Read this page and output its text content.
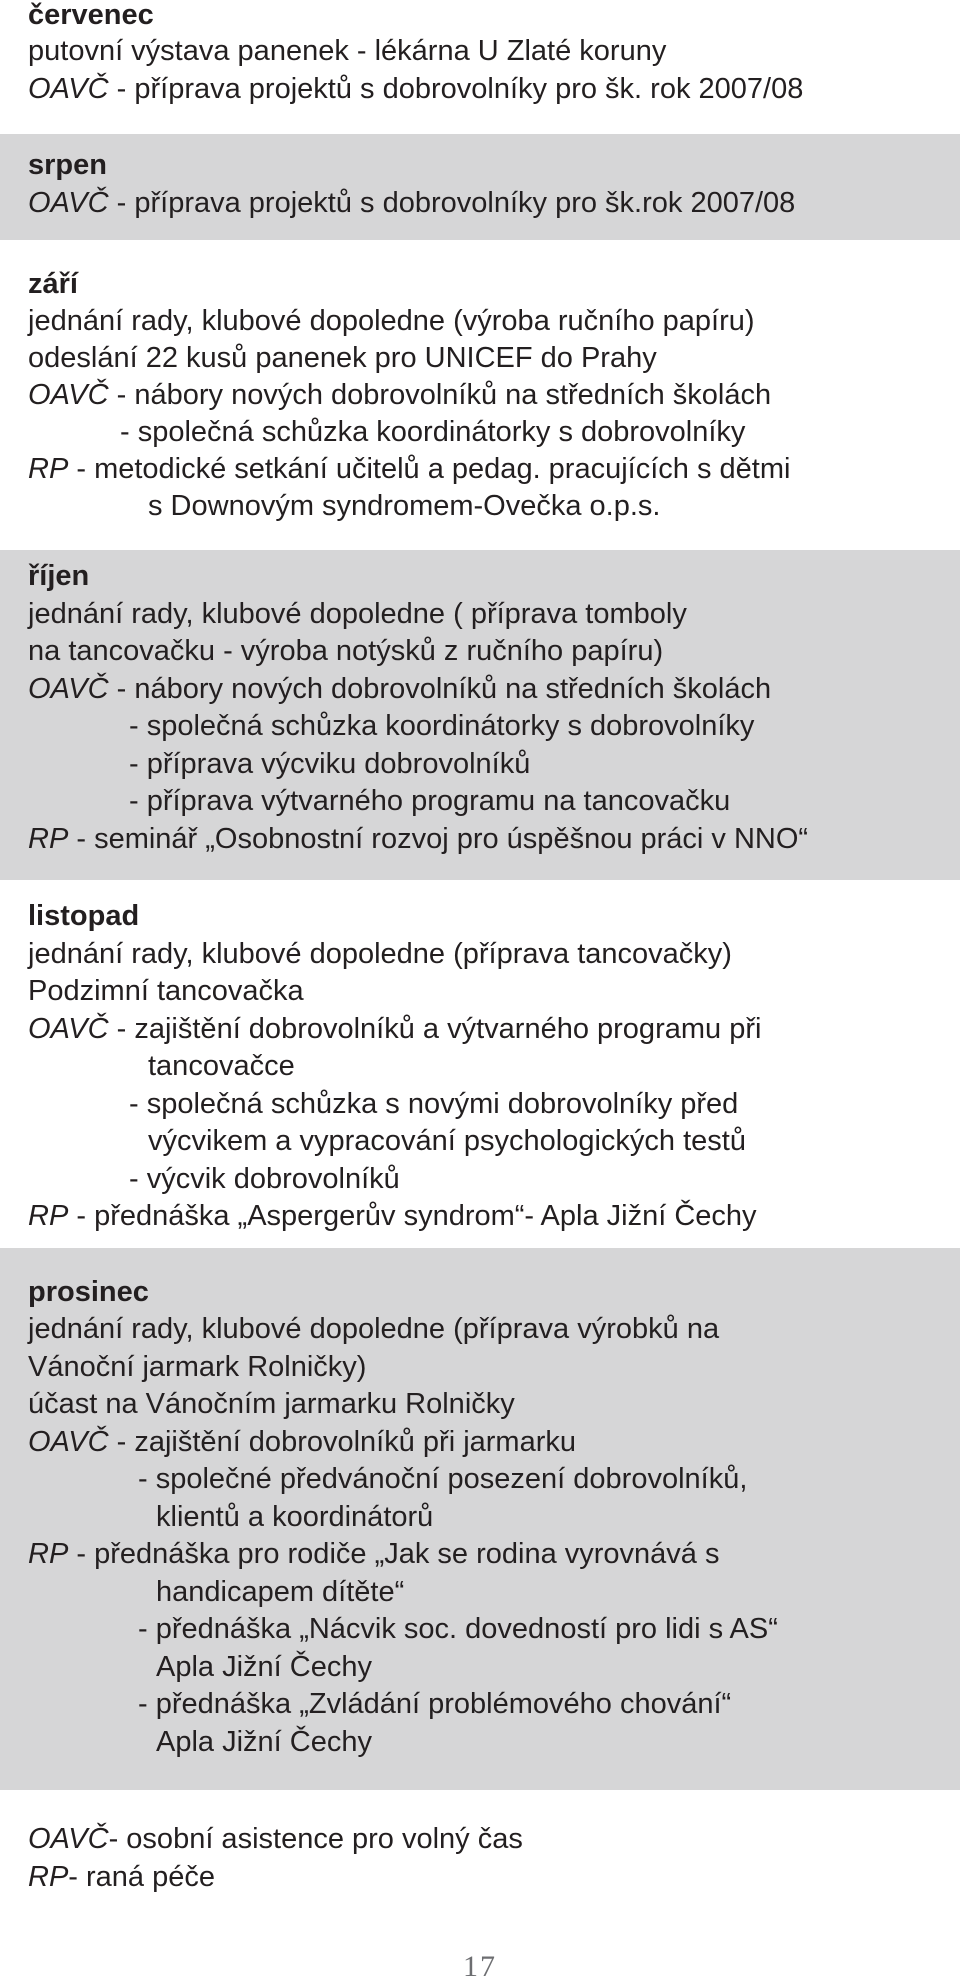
červenec
putovní výstava panenek - lékárna U Zlaté koruny
OAVČ - příprava projektů s dobrovolníky pro šk. rok 2007/08
srpen
OAVČ - příprava projektů s dobrovolníky pro šk.rok 2007/08
září
jednání rady, klubové dopoledne (výroba ručního papíru)
odeslání 22 kusů panenek pro UNICEF do Prahy
OAVČ - nábory nových dobrovolníků na středních školách
- společná schůzka koordinátorky s dobrovolníky
RP - metodické setkání učitelů a pedag. pracujících s dětmi
s Downovým syndromem-Ovečka o.p.s.
říjen
jednání rady, klubové dopoledne ( příprava tomboly
na tancovačku - výroba notýsků z ručního papíru)
OAVČ - nábory nových dobrovolníků na středních školách
- společná schůzka koordinátorky s dobrovolníky
- příprava výcviku dobrovolníků
- příprava výtvarného programu na tancovačku
RP - seminář „Osobnostní rozvoj pro úspěšnou práci v NNO“
listopad
jednání rady, klubové dopoledne (příprava tancovačky)
Podzimní tancovačka
OAVČ - zajištění dobrovolníků a výtvarného programu při
tancovačce
- společná schůzka s novými dobrovolníky před
výcvikem a vypracování psychologických testů
- výcvik dobrovolníků
RP - přednáška „Aspergerův syndrom“- Apla Jižní Čechy
prosinec
jednání rady, klubové dopoledne (příprava výrobků na
Vánoční jarmark Rolničky)
účast na Vánočním jarmarku Rolničky
OAVČ - zajištění dobrovolníků při jarmarku
- společné předvánoční posezení dobrovolníků,
klientů a koordinátorů
RP - přednáška pro rodiče „Jak se rodina vyrovnává s
handicapem dítěte“
- přednáška „Nácvik soc. dovedností pro lidi s AS“
Apla Jižní Čechy
- přednáška „Zvládání problémového chování“
Apla Jižní Čechy
OAVČ- osobní asistence pro volný čas
RP- raná péče
17
